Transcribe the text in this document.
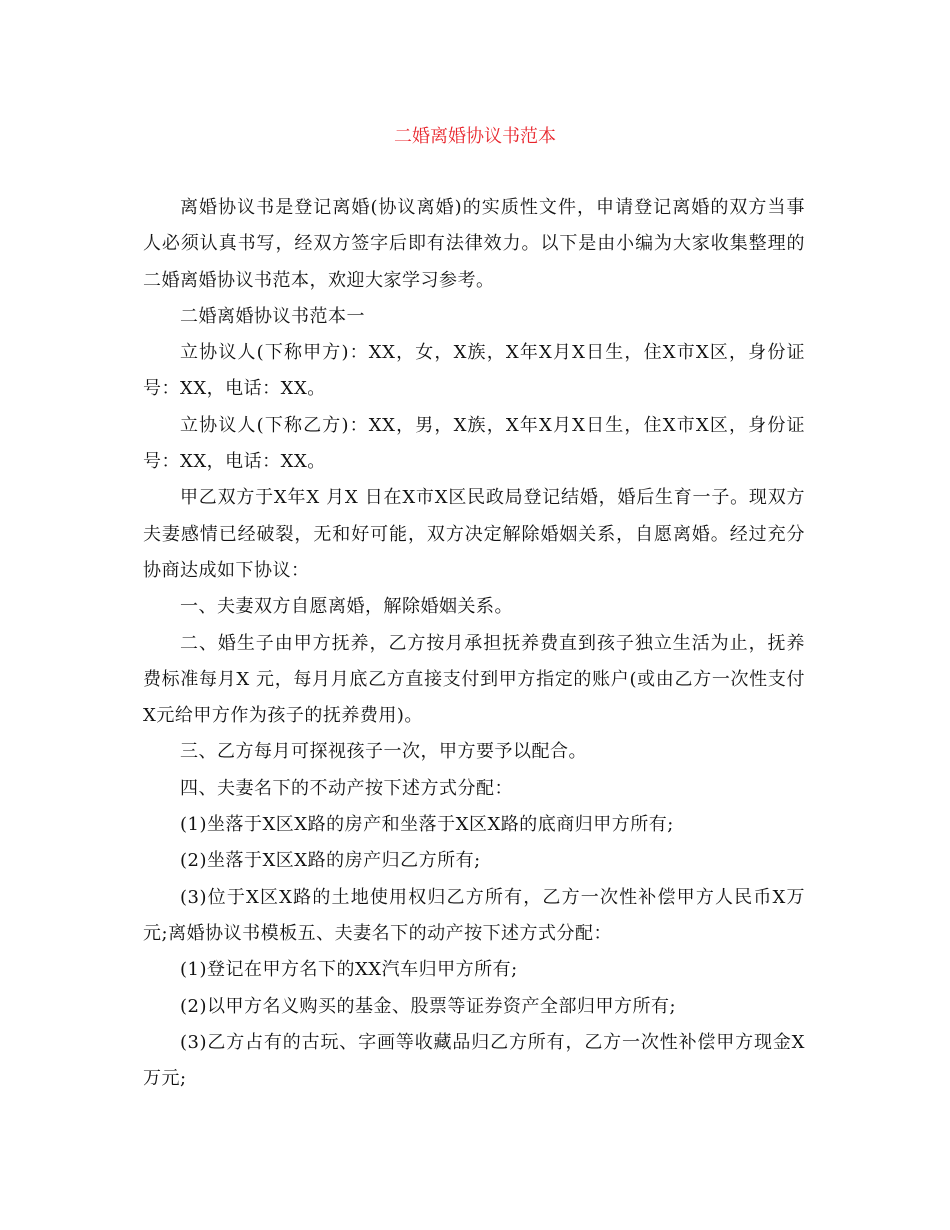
二婚离婚协议书范本

离婚协议书是登记离婚(协议离婚)的实质性文件，申请登记离婚的双方当事人必须认真书写，经双方签字后即有法律效力。以下是由小编为大家收集整理的二婚离婚协议书范本，欢迎大家学习参考。

二婚离婚协议书范本一

立协议人(下称甲方)：XX，女，X族，X年X月X日生，住X市X区，身份证号：XX，电话：XX。

立协议人(下称乙方)：XX，男，X族，X年X月X日生，住X市X区，身份证号：XX，电话：XX。

甲乙双方于X年X 月X 日在X市X区民政局登记结婚，婚后生育一子。现双方夫妻感情已经破裂，无和好可能，双方决定解除婚姻关系，自愿离婚。经过充分协商达成如下协议：

一、夫妻双方自愿离婚，解除婚姻关系。

二、婚生子由甲方抚养，乙方按月承担抚养费直到孩子独立生活为止，抚养费标准每月X 元，每月月底乙方直接支付到甲方指定的账户(或由乙方一次性支付X元给甲方作为孩子的抚养费用)。

三、乙方每月可探视孩子一次，甲方要予以配合。

四、夫妻名下的不动产按下述方式分配：

(1)坐落于X区X路的房产和坐落于X区X路的底商归甲方所有;

(2)坐落于X区X路的房产归乙方所有;

(3)位于X区X路的土地使用权归乙方所有，乙方一次性补偿甲方人民币X万元;离婚协议书模板五、夫妻名下的动产按下述方式分配：

(1)登记在甲方名下的XX汽车归甲方所有;

(2)以甲方名义购买的基金、股票等证券资产全部归甲方所有;

(3)乙方占有的古玩、字画等收藏品归乙方所有，乙方一次性补偿甲方现金X万元;
